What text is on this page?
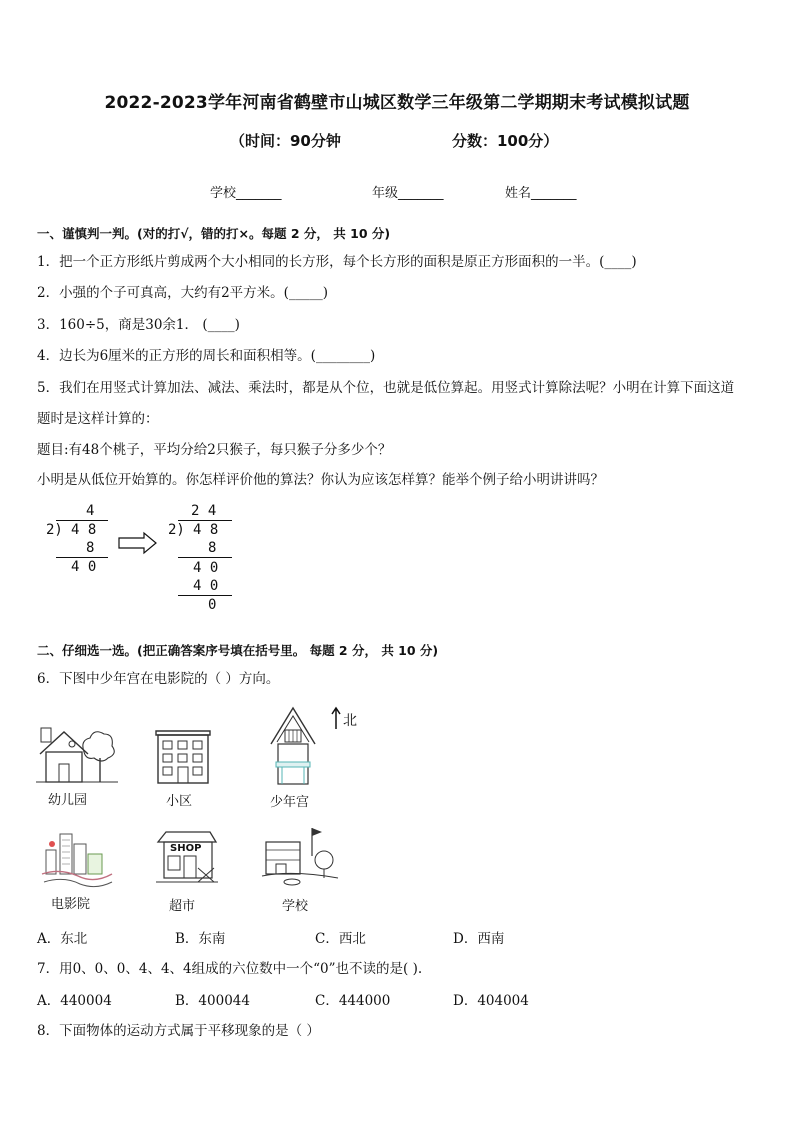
2022-2023学年河南省鹤壁市山城区数学三年级第二学期期末考试模拟试题
（时间：90分钟	分数：100分）
学校_______	年级_______	姓名_______
一、谨慎判一判。(对的打√，错的打×。每题 2 分， 共 10 分)
1．把一个正方形纸片剪成两个大小相同的长方形，每个长方形的面积是原正方形面积的一半。(____)
2．小强的个子可真高，大约有2平方米。(_____)
3．160÷5，商是30余1． (____)
4．边长为6厘米的正方形的周长和面积相等。(________)
5．我们在用竖式计算加法、减法、乘法时，都是从个位，也就是低位算起。用竖式计算除法呢？小明在计算下面这道
题时是这样计算的：
题目:有48个桃子，平均分给2只猴子，每只猴子分多少个？
小明是从低位开始算的。你怎样评价他的算法？你认为应该怎样算？能举个例子给小明讲讲吗？
4
2) 4 8
8
4 0
2 4
2) 4 8
8
4 0
4 0
0
二、仔细选一选。(把正确答案序号填在括号里。 每题 2 分， 共 10 分)
6．下图中少年宫在电影院的（ ）方向。
北
幼儿园	小区	少年宫
电影院
SHOP
超市	学校
A．东北	B．东南	C．西北	D．西南
7．用0、0、0、4、4、4组成的六位数中一个“0”也不读的是( ).
A．440004	B．400044	C．444000	D．404004
8．下面物体的运动方式属于平移现象的是（ ）
